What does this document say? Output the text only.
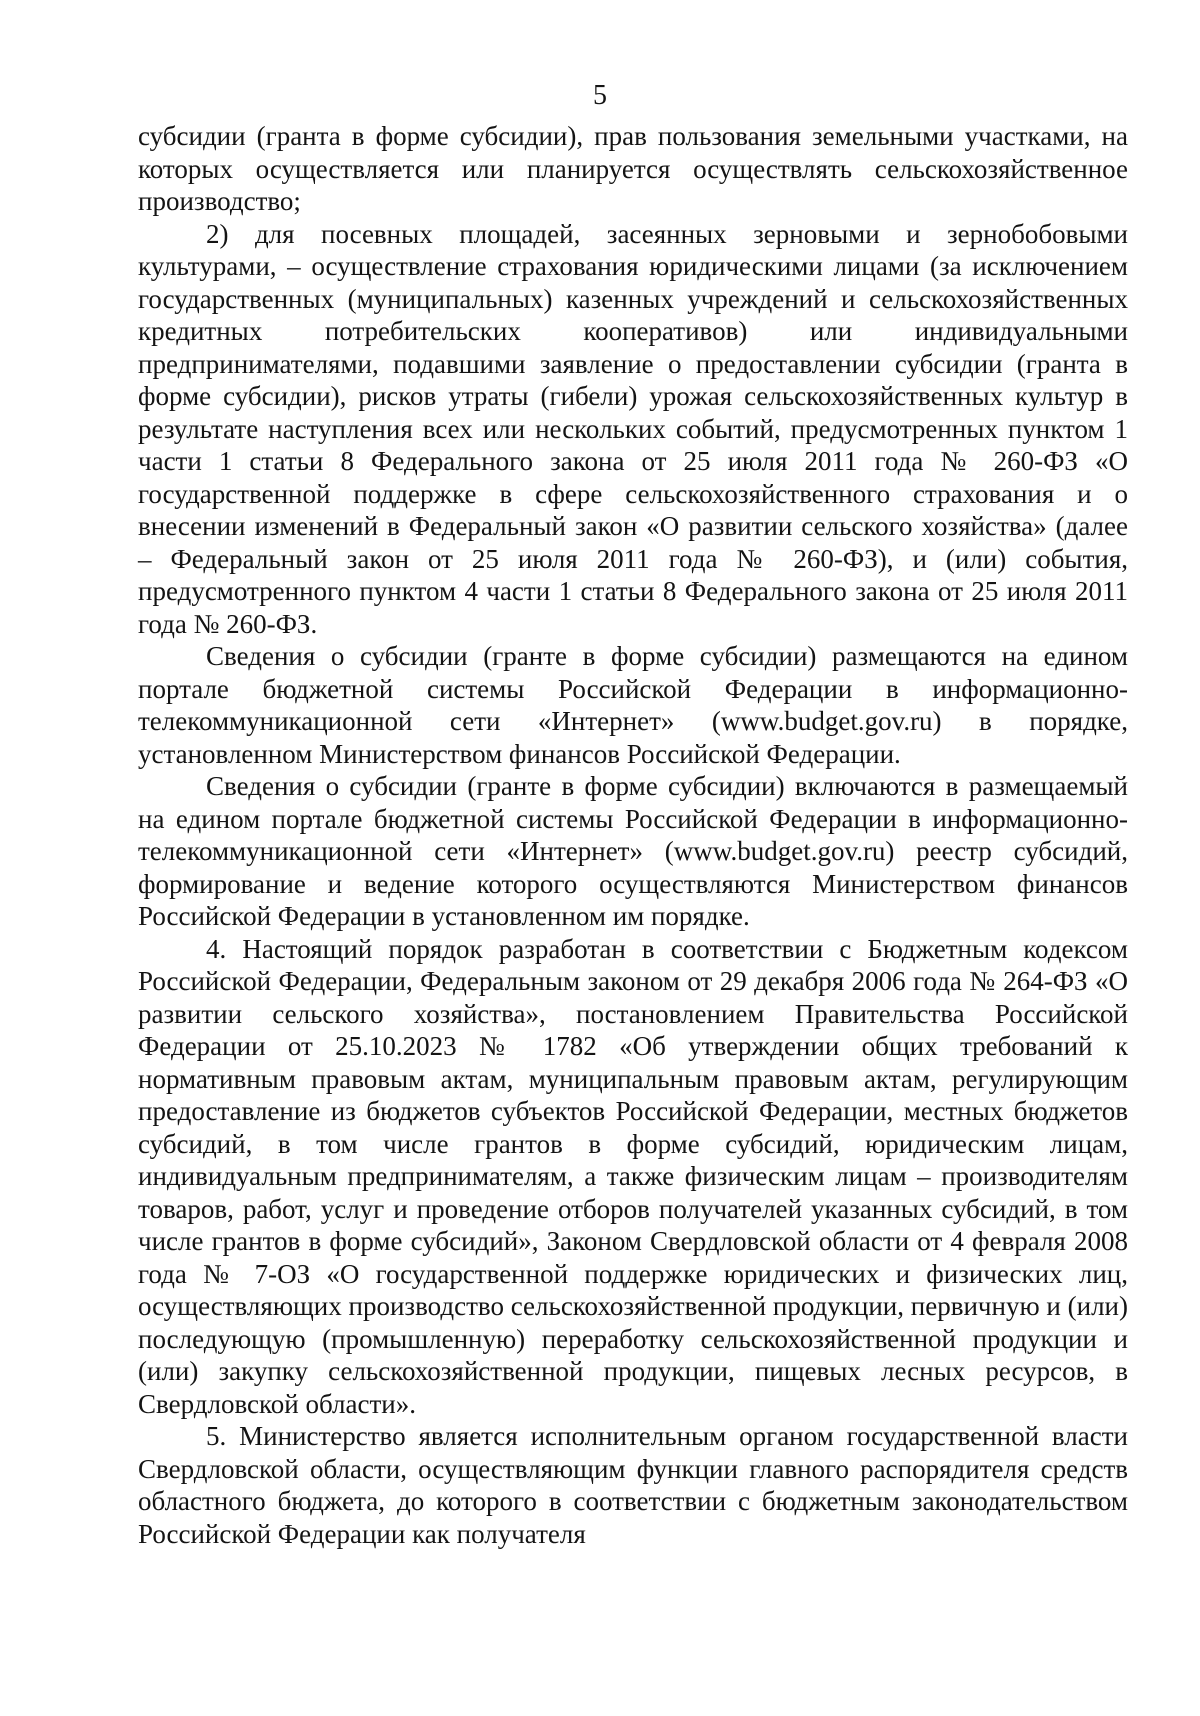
5

субсидии (гранта в форме субсидии), прав пользования земельными участками, на которых осуществляется или планируется осуществлять сельскохозяйственное производство;

2) для посевных площадей, засеянных зерновыми и зернобобовыми культурами, – осуществление страхования юридическими лицами (за исключением государственных (муниципальных) казенных учреждений и сельскохозяйственных кредитных потребительских кооперативов) или индивидуальными предпринимателями, подавшими заявление о предоставлении субсидии (гранта в форме субсидии), рисков утраты (гибели) урожая сельскохозяйственных культур в результате наступления всех или нескольких событий, предусмотренных пунктом 1 части 1 статьи 8 Федерального закона от 25 июля 2011 года № 260-ФЗ «О государственной поддержке в сфере сельскохозяйственного страхования и о внесении изменений в Федеральный закон «О развитии сельского хозяйства» (далее – Федеральный закон от 25 июля 2011 года № 260-ФЗ), и (или) события, предусмотренного пунктом 4 части 1 статьи 8 Федерального закона от 25 июля 2011 года № 260-ФЗ.

Сведения о субсидии (гранте в форме субсидии) размещаются на едином портале бюджетной системы Российской Федерации в информационно-телекоммуникационной сети «Интернет» (www.budget.gov.ru) в порядке, установленном Министерством финансов Российской Федерации.

Сведения о субсидии (гранте в форме субсидии) включаются в размещаемый на едином портале бюджетной системы Российской Федерации в информационно-телекоммуникационной сети «Интернет» (www.budget.gov.ru) реестр субсидий, формирование и ведение которого осуществляются Министерством финансов Российской Федерации в установленном им порядке.

4. Настоящий порядок разработан в соответствии с Бюджетным кодексом Российской Федерации, Федеральным законом от 29 декабря 2006 года № 264-ФЗ «О развитии сельского хозяйства», постановлением Правительства Российской Федерации от 25.10.2023 № 1782 «Об утверждении общих требований к нормативным правовым актам, муниципальным правовым актам, регулирующим предоставление из бюджетов субъектов Российской Федерации, местных бюджетов субсидий, в том числе грантов в форме субсидий, юридическим лицам, индивидуальным предпринимателям, а также физическим лицам – производителям товаров, работ, услуг и проведение отборов получателей указанных субсидий, в том числе грантов в форме субсидий», Законом Свердловской области от 4 февраля 2008 года № 7-ОЗ «О государственной поддержке юридических и физических лиц, осуществляющих производство сельскохозяйственной продукции, первичную и (или) последующую (промышленную) переработку сельскохозяйственной продукции и (или) закупку сельскохозяйственной продукции, пищевых лесных ресурсов, в Свердловской области».

5. Министерство является исполнительным органом государственной власти Свердловской области, осуществляющим функции главного распорядителя средств областного бюджета, до которого в соответствии с бюджетным законодательством Российской Федерации как получателя
